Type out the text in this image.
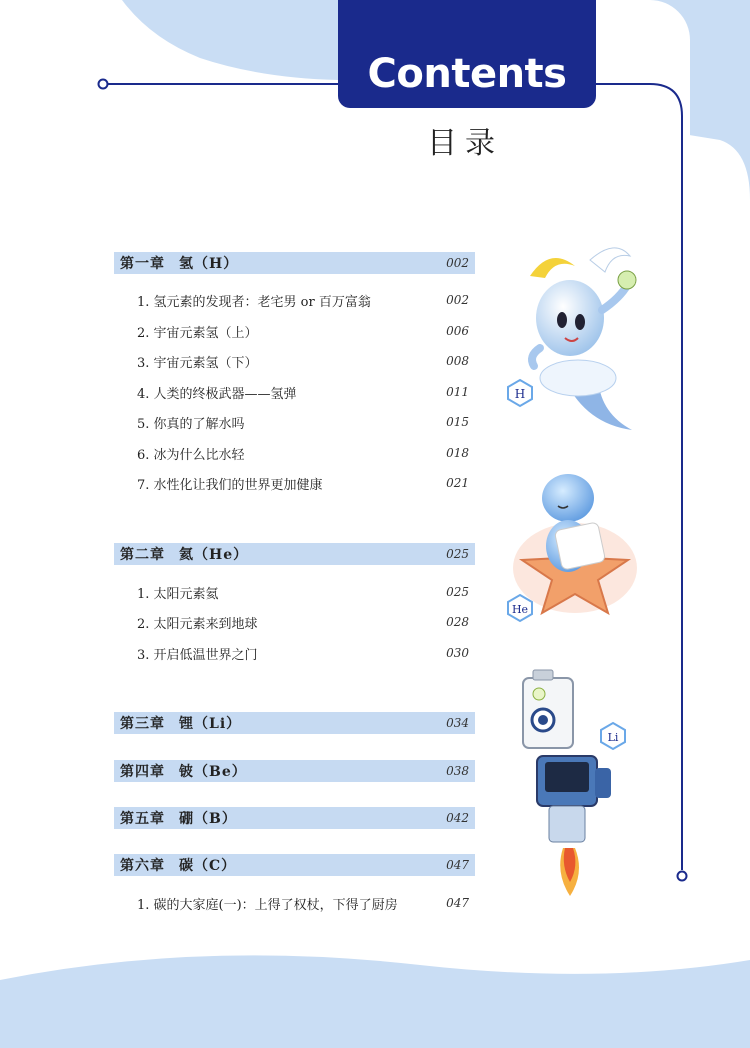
Contents
目录
第一章 氢（H）	002
1. 氢元素的发现者：老宅男 or 百万富翁	002
2. 宇宙元素氢（上）	006
3. 宇宙元素氢（下）	008
4. 人类的终极武器——氢弹	011
5. 你真的了解水吗	015
6. 冰为什么比水轻	018
7. 水性化让我们的世界更加健康	021
第二章 氦（He）	025
1. 太阳元素氦	025
2. 太阳元素来到地球	028
3. 开启低温世界之门	030
第三章 锂（Li）	034
第四章 铍（Be）	038
第五章 硼（B）	042
第六章 碳（C）	047
1. 碳的大家庭(一)：上得了权杖，下得了厨房	047
H
He
Li
